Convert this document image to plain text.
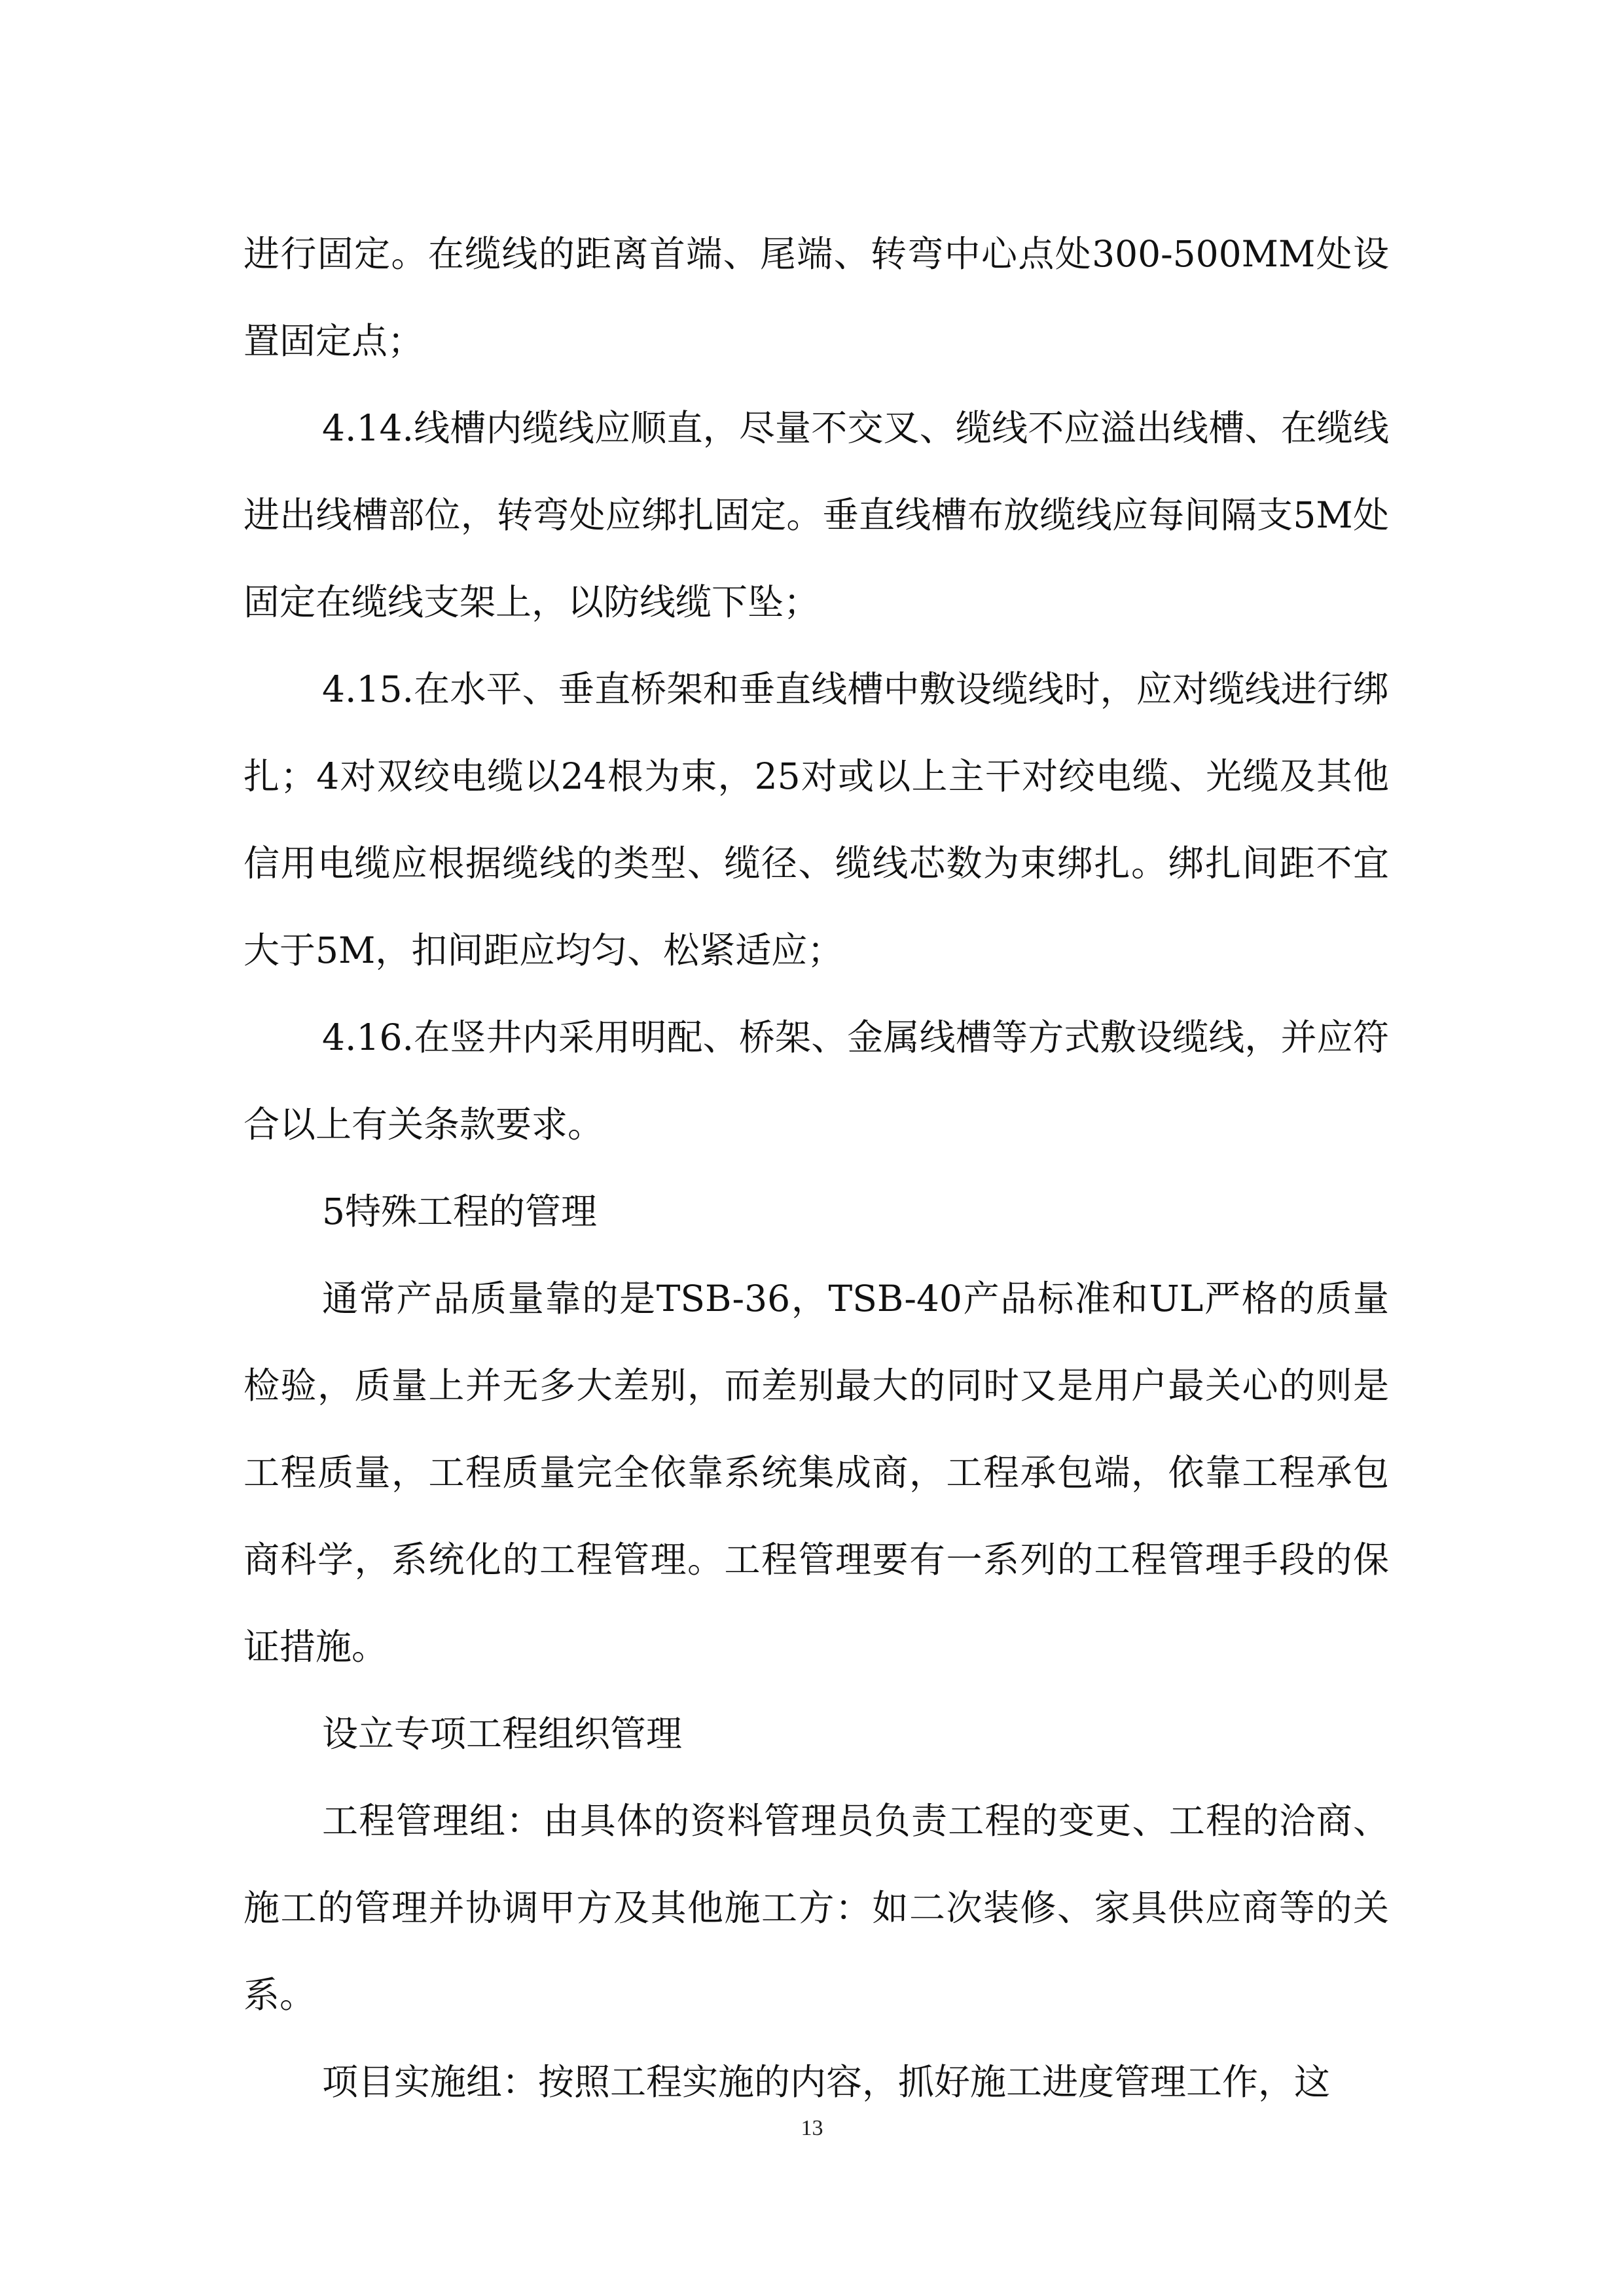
进行固定。在缆线的距离首端、尾端、转弯中心点处300-500MM处设置固定点；

4.14.线槽内缆线应顺直，尽量不交叉、缆线不应溢出线槽、在缆线进出线槽部位，转弯处应绑扎固定。垂直线槽布放缆线应每间隔支5M处固定在缆线支架上，以防线缆下坠；

4.15.在水平、垂直桥架和垂直线槽中敷设缆线时，应对缆线进行绑扎；4对双绞电缆以24根为束，25对或以上主干对绞电缆、光缆及其他信用电缆应根据缆线的类型、缆径、缆线芯数为束绑扎。绑扎间距不宜大于5M，扣间距应均匀、松紧适应；

4.16.在竖井内采用明配、桥架、金属线槽等方式敷设缆线，并应符合以上有关条款要求。

5特殊工程的管理

通常产品质量靠的是TSB-36，TSB-40产品标准和UL严格的质量检验，质量上并无多大差别，而差别最大的同时又是用户最关心的则是工程质量，工程质量完全依靠系统集成商，工程承包端，依靠工程承包商科学，系统化的工程管理。工程管理要有一系列的工程管理手段的保证措施。

设立专项工程组织管理

工程管理组：由具体的资料管理员负责工程的变更、工程的洽商、施工的管理并协调甲方及其他施工方：如二次装修、家具供应商等的关系。

项目实施组：按照工程实施的内容，抓好施工进度管理工作，这

13
